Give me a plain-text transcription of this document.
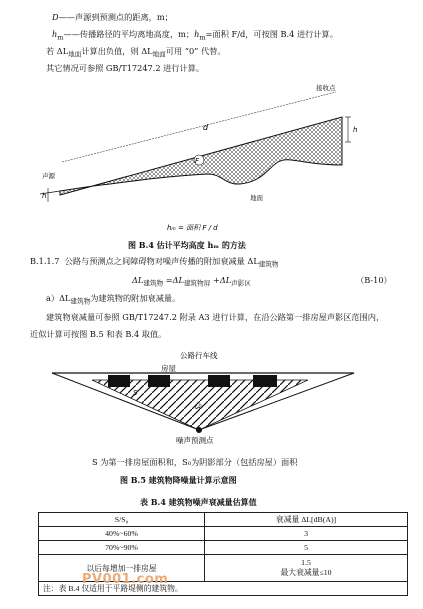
D——声源到预测点的距离，m；
$h_m——$传播路径的平均离地高度，m；$h_m=$面积 F/d，可按图 B.4 进行计算。
若 $\Delta L_{地面}$计算出负值，则 $\Delta L_{地面}$可用 “0” 代替。
其它情况可参照 GB/T17247.2 进行计算。
h
h
d
F
接收点
声源
地面
hₘ = 面积 F / d
图 B.4 估计平均高度 hₘ 的方法
B.1.1.7 公路与预测点之间障碍物对噪声传播的附加衰减量 $\Delta L_{建筑物}$
$\Delta L_{建筑物} =\Delta L_{建筑物屏} +\Delta L_{声影区}$	（B-10）
$a)\Delta L_{建筑物}$为建筑物的附加衰减量。
建筑物衰减量可参照 GB/T17247.2 附录 A3 进行计算，在沿公路第一排房屋声影区范围内，
近似计算可按图 B.5 和表 B.4 取值。
公路行车线
房屋
S
S₀
噪声预测点
S 为第一排房屋面积和，S₀为阴影部分（包括房屋）面积
图 B.5 建筑物降噪量计算示意图
表 B.4 建筑物噪声衰减量估算值
S/S₀	衰减量 ΔL[dB(A)]
40%~60%	3
70%~90%	5
以后每增加一排房屋	1.5
最大衰减量≤10

注：表 B.4 仅适用于平路堤侧的建筑物。	
PV001.com
